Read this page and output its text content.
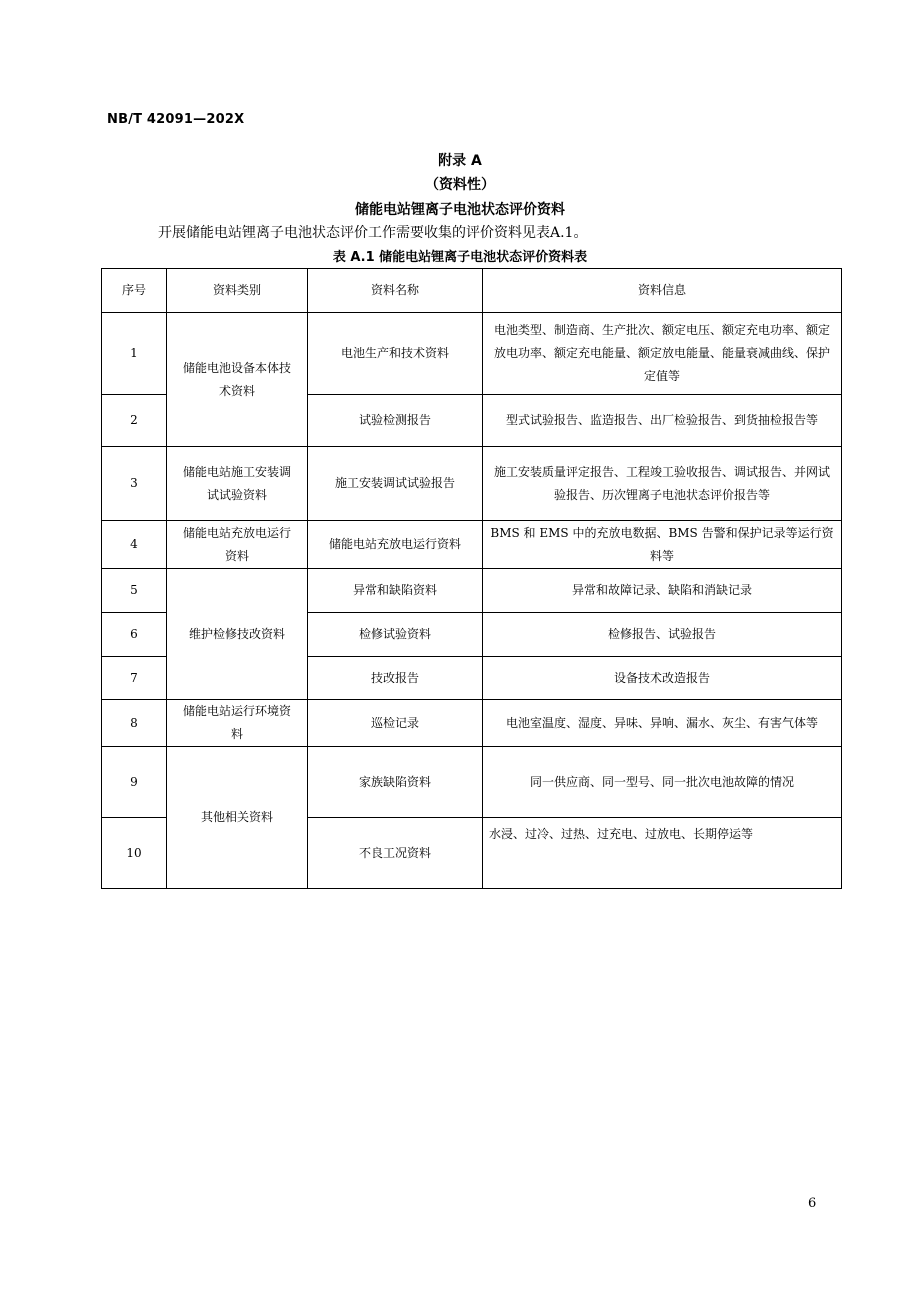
NB/T 42091—202X
附录 A
（资料性）
储能电站锂离子电池状态评价资料
开展储能电站锂离子电池状态评价工作需要收集的评价资料见表A.1。
表 A.1 储能电站锂离子电池状态评价资料表
序号	资料类别	资料名称	资料信息
1	储能电池设备本体技术资料	电池生产和技术资料	电池类型、制造商、生产批次、额定电压、额定充电功率、额定放电功率、额定充电能量、额定放电能量、能量衰减曲线、保护定值等
2		试验检测报告	型式试验报告、监造报告、出厂检验报告、到货抽检报告等
3	储能电站施工安装调试试验资料	施工安装调试试验报告	施工安装质量评定报告、工程竣工验收报告、调试报告、并网试验报告、历次锂离子电池状态评价报告等
4	储能电站充放电运行资料	储能电站充放电运行资料	BMS 和 EMS 中的充放电数据、BMS 告警和保护记录等运行资料等
5	维护检修技改资料	异常和缺陷资料	异常和故障记录、缺陷和消缺记录
6		检修试验资料	检修报告、试验报告
7		技改报告	设备技术改造报告
8	储能电站运行环境资料	巡检记录	电池室温度、湿度、异味、异响、漏水、灰尘、有害气体等
9	其他相关资料	家族缺陷资料	同一供应商、同一型号、同一批次电池故障的情况
10		不良工况资料	水浸、过冷、过热、过充电、过放电、长期停运等
6
